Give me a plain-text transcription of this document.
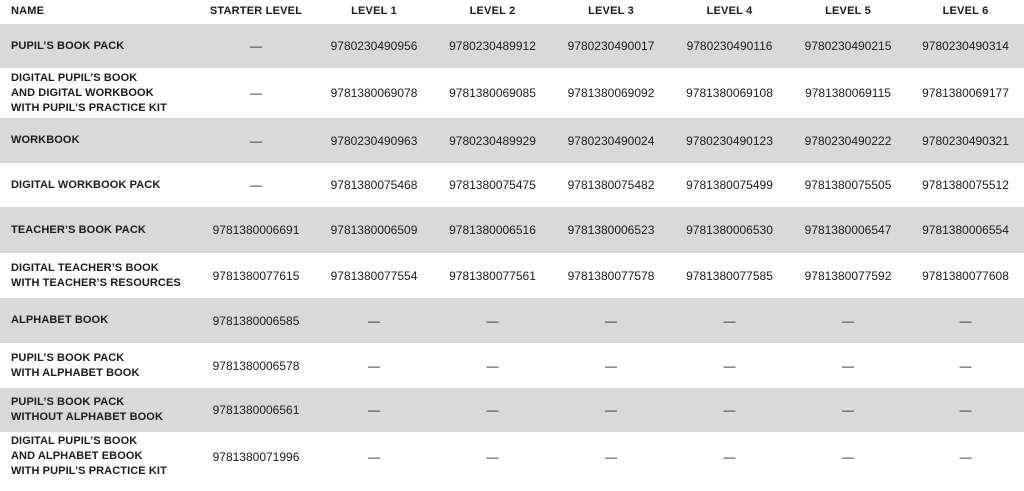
NAME	STARTER LEVEL	LEVEL 1	LEVEL 2	LEVEL 3	LEVEL 4	LEVEL 5	LEVEL 6

PUPIL’S BOOK PACK	—	9780230490956	9780230489912	9780230490017	9780230490116	9780230490215	9780230490314

DIGITAL PUPIL’S BOOK
AND DIGITAL WORKBOOK
WITH PUPIL’S PRACTICE KIT	—	9781380069078	9781380069085	9781380069092	9781380069108	9781380069115	9781380069177

WORKBOOK	—	9780230490963	9780230489929	9780230490024	9780230490123	9780230490222	9780230490321

DIGITAL WORKBOOK PACK	—	9781380075468	9781380075475	9781380075482	9781380075499	9781380075505	9781380075512

TEACHER’S BOOK PACK	9781380006691	9781380006509	9781380006516	9781380006523	9781380006530	9781380006547	9781380006554

DIGITAL TEACHER’S BOOK
WITH TEACHER’S RESOURCES	9781380077615	9781380077554	9781380077561	9781380077578	9781380077585	9781380077592	9781380077608

ALPHABET BOOK	9781380006585	—	—	—	—	—	—

PUPIL’S BOOK PACK
WITH ALPHABET BOOK	9781380006578	—	—	—	—	—	—

PUPIL’S BOOK PACK
WITHOUT ALPHABET BOOK	9781380006561	—	—	—	—	—	—

DIGITAL PUPIL’S BOOK
AND ALPHABET EBOOK
WITH PUPIL’S PRACTICE KIT	9781380071996	—	—	—	—	—	—
